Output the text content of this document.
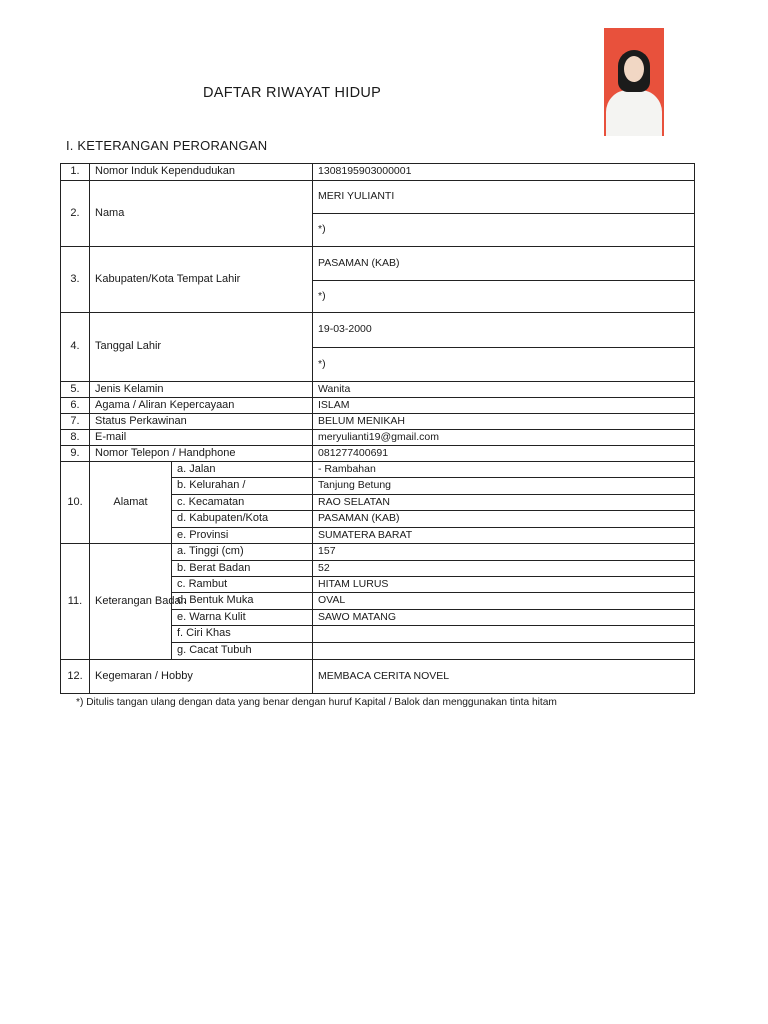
DAFTAR RIWAYAT HIDUP
I. KETERANGAN PERORANGAN
1.	Nomor Induk Kependudukan		1308195903000001
2.	Nama		MERI YULIANTI
			*)
3.	Kabupaten/Kota Tempat Lahir		PASAMAN (KAB)
			*)
4.	Tanggal Lahir		19-03-2000
			*)
5.	Jenis Kelamin		Wanita
6.	Agama / Aliran Kepercayaan		ISLAM
7.	Status Perkawinan		BELUM MENIKAH
8.	E-mail		meryulianti19@gmail.com
9.	Nomor Telepon / Handphone		081277400691
10.	Alamat	a. Jalan	- Rambahan
		b. Kelurahan /	Tanjung Betung
		c. Kecamatan	RAO SELATAN
		d. Kabupaten/Kota	PASAMAN (KAB)
		e. Provinsi	SUMATERA BARAT
11.	Keterangan Badan	a. Tinggi (cm)	157
		b. Berat Badan	52
		c. Rambut	HITAM LURUS
		d. Bentuk Muka	OVAL
		e. Warna Kulit	SAWO MATANG
		f. Ciri Khas	
		g. Cacat Tubuh	
12.	Kegemaran / Hobby		MEMBACA CERITA NOVEL
*) Ditulis tangan ulang dengan data yang benar dengan huruf Kapital / Balok dan menggunakan tinta hitam
